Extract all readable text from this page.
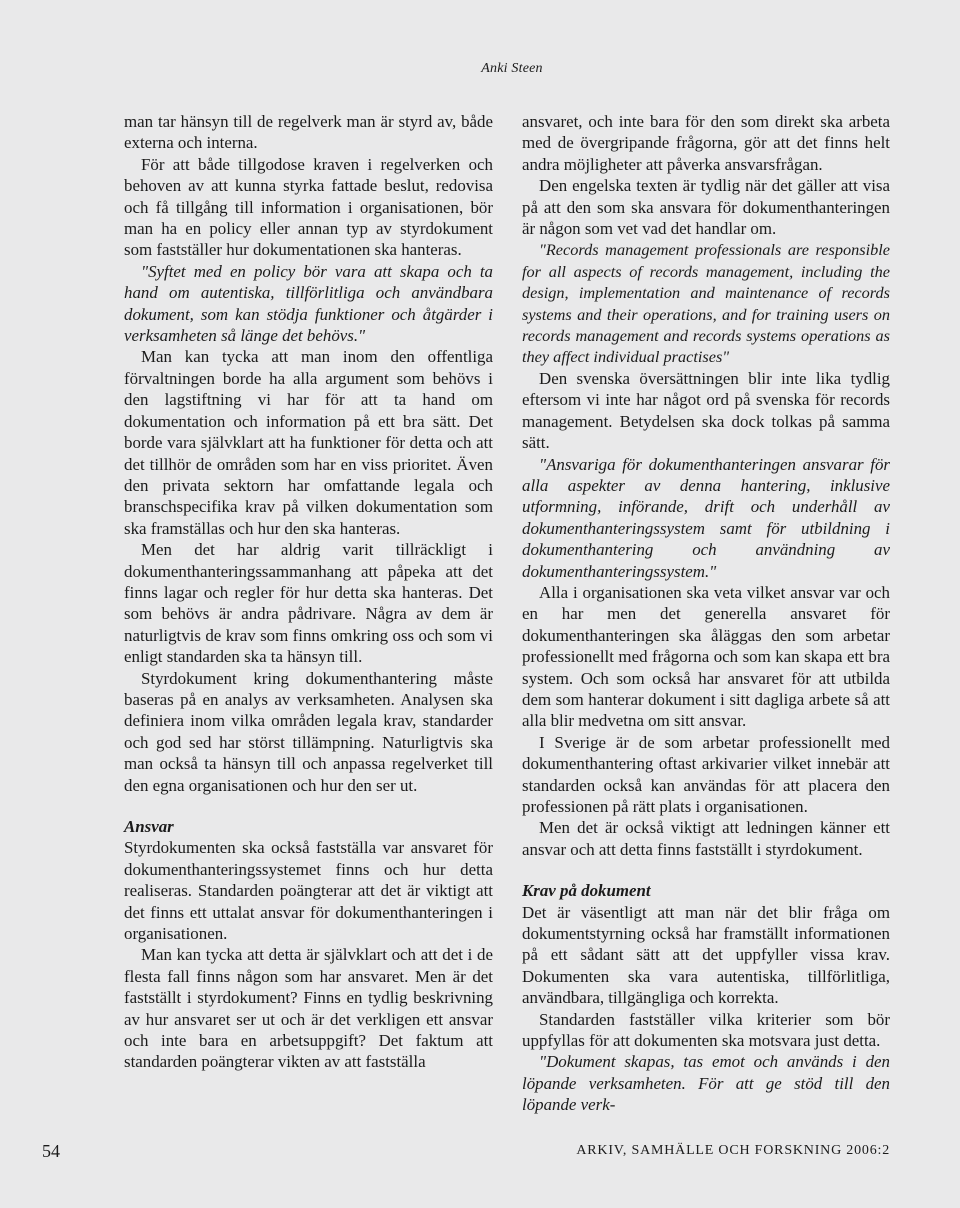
Anki Steen

man tar hänsyn till de regelverk man är styrd av, både externa och interna.

För att både tillgodose kraven i regelverken och behoven av att kunna styrka fattade beslut, redovisa och få tillgång till information i organisationen, bör man ha en policy eller annan typ av styrdokument som fastställer hur dokumentationen ska hanteras.

"Syftet med en policy bör vara att skapa och ta hand om autentiska, tillförlitliga och användbara dokument, som kan stödja funktioner och åtgärder i verksamheten så länge det behövs."

Man kan tycka att man inom den offentliga förvaltningen borde ha alla argument som behövs i den lagstiftning vi har för att ta hand om dokumentation och information på ett bra sätt. Det borde vara självklart att ha funktioner för detta och att det tillhör de områden som har en viss prioritet. Även den privata sektorn har omfattande legala och branschspecifika krav på vilken dokumentation som ska framställas och hur den ska hanteras.

Men det har aldrig varit tillräckligt i dokumenthanteringssammanhang att påpeka att det finns lagar och regler för hur detta ska hanteras. Det som behövs är andra pådrivare. Några av dem är naturligtvis de krav som finns omkring oss och som vi enligt standarden ska ta hänsyn till.

Styrdokument kring dokumenthantering måste baseras på en analys av verksamheten. Analysen ska definiera inom vilka områden legala krav, standarder och god sed har störst tillämpning. Naturligtvis ska man också ta hänsyn till och anpassa regelverket till den egna organisationen och hur den ser ut.

Ansvar

Styrdokumenten ska också fastställa var ansvaret för dokumenthanteringssystemet finns och hur detta realiseras. Standarden poängterar att det är viktigt att det finns ett uttalat ansvar för dokumenthanteringen i organisationen.

Man kan tycka att detta är självklart och att det i de flesta fall finns någon som har ansvaret. Men är det fastställt i styrdokument? Finns en tydlig beskrivning av hur ansvaret ser ut och är det verkligen ett ansvar och inte bara en arbetsuppgift? Det faktum att standarden poängterar vikten av att fastställa

ansvaret, och inte bara för den som direkt ska arbeta med de övergripande frågorna, gör att det finns helt andra möjligheter att påverka ansvarsfrågan.

Den engelska texten är tydlig när det gäller att visa på att den som ska ansvara för dokumenthanteringen är någon som vet vad det handlar om.

"Records management professionals are responsible for all aspects of records management, including the design, implementation and maintenance of records systems and their operations, and for training users on records management and records systems operations as they affect individual practises"

Den svenska översättningen blir inte lika tydlig eftersom vi inte har något ord på svenska för records management. Betydelsen ska dock tolkas på samma sätt.

"Ansvariga för dokumenthanteringen ansvarar för alla aspekter av denna hantering, inklusive utformning, införande, drift och underhåll av dokumenthanteringssystem samt för utbildning i dokumenthantering och användning av dokumenthanteringssystem."

Alla i organisationen ska veta vilket ansvar var och en har men det generella ansvaret för dokumenthanteringen ska åläggas den som arbetar professionellt med frågorna och som kan skapa ett bra system. Och som också har ansvaret för att utbilda dem som hanterar dokument i sitt dagliga arbete så att alla blir medvetna om sitt ansvar.

I Sverige är de som arbetar professionellt med dokumenthantering oftast arkivarier vilket innebär att standarden också kan användas för att placera den professionen på rätt plats i organisationen.

Men det är också viktigt att ledningen känner ett ansvar och att detta finns fastställt i styrdokument.

Krav på dokument

Det är väsentligt att man när det blir fråga om dokumentstyrning också har framställt informationen på ett sådant sätt att det uppfyller vissa krav. Dokumenten ska vara autentiska, tillförlitliga, användbara, tillgängliga och korrekta.

Standarden fastställer vilka kriterier som bör uppfyllas för att dokumenten ska motsvara just detta.

"Dokument skapas, tas emot och används i den löpande verksamheten. För att ge stöd till den löpande verk-

54	ARKIV, SAMHÄLLE OCH FORSKNING 2006:2
